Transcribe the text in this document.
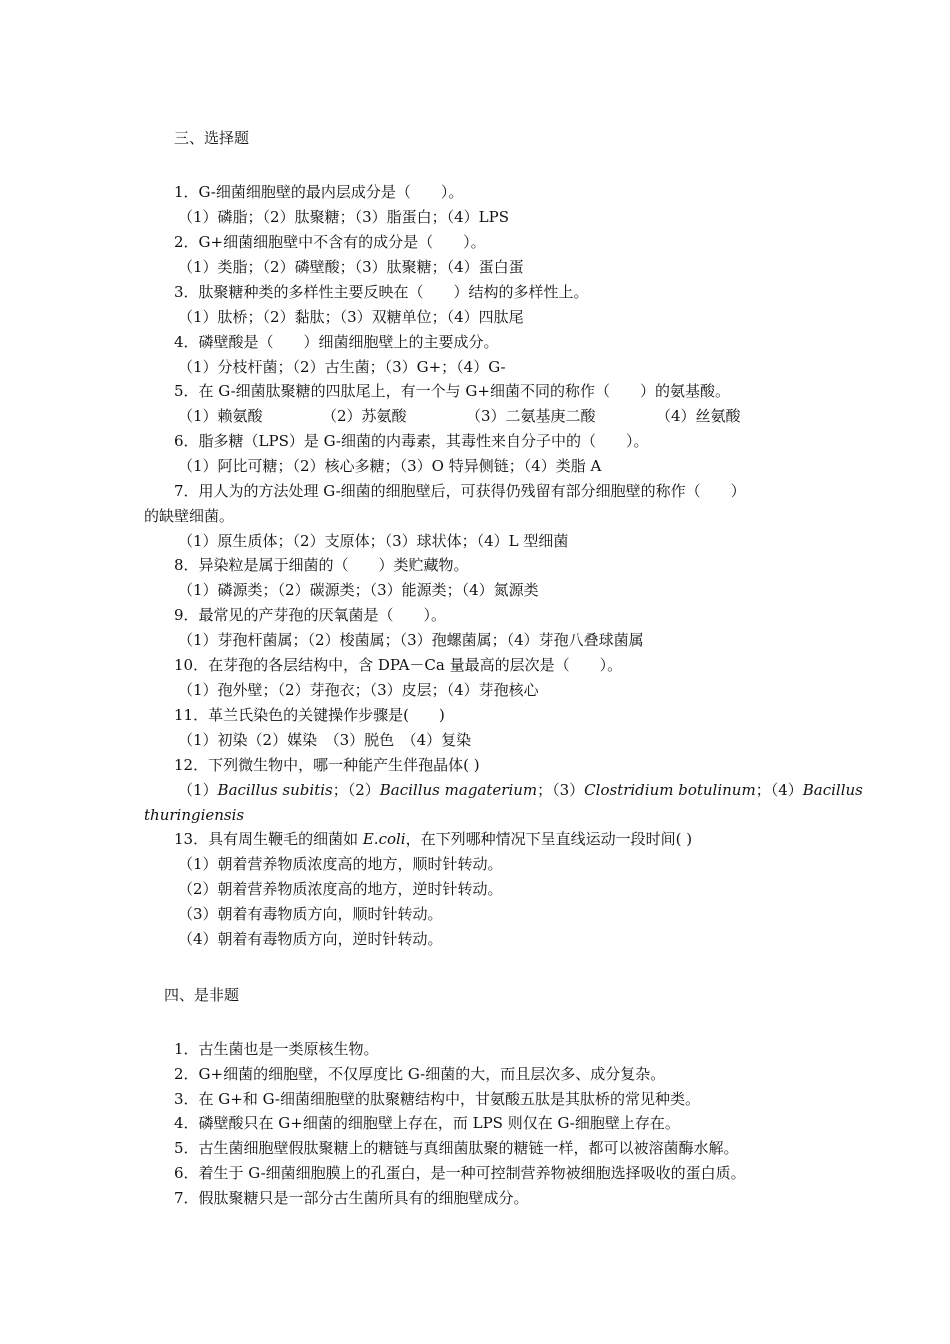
三、选择题
1．G-细菌细胞壁的最内层成分是（　　）。
（1）磷脂；（2）肽聚糖；（3）脂蛋白；（4）LPS
2．G+细菌细胞壁中不含有的成分是（　　）。
（1）类脂；（2）磷壁酸；（3）肽聚糖；（4）蛋白蛋
3．肽聚糖种类的多样性主要反映在（　　）结构的多样性上。
（1）肽桥；（2）黏肽；（3）双糖单位；（4）四肽尾
4．磷壁酸是（　　）细菌细胞壁上的主要成分。
（1）分枝杆菌；（2）古生菌；（3）G+；（4）G-
5．在 G-细菌肽聚糖的四肽尾上，有一个与 G+细菌不同的称作（　　）的氨基酸。
（1）赖氨酸	（2）苏氨酸	（3）二氨基庚二酸	（4）丝氨酸
6．脂多糖（LPS）是 G-细菌的内毒素，其毒性来自分子中的（　　）。
（1）阿比可糖；（2）核心多糖；（3）O 特异侧链；（4）类脂 A
7．用人为的方法处理 G-细菌的细胞壁后，可获得仍残留有部分细胞壁的称作（　　）
的缺壁细菌。
（1）原生质体；（2）支原体；（3）球状体；（4）L 型细菌
8．异染粒是属于细菌的（　　）类贮藏物。
（1）磷源类；（2）碳源类；（3）能源类；（4）氮源类
9．最常见的产芽孢的厌氧菌是（　　）。
（1）芽孢杆菌属；（2）梭菌属；（3）孢螺菌属；（4）芽孢八叠球菌属
10．在芽孢的各层结构中，含 DPA－Ca 量最高的层次是（　　）。
（1）孢外壁；（2）芽孢衣；（3）皮层；（4）芽孢核心
11．革兰氏染色的关键操作步骤是(　　)
（1）初染（2）媒染　（3）脱色　（4）复染
12．下列微生物中，哪一种能产生伴孢晶体( )
（1）Bacillus subitis；（2）Bacillus magaterium；（3）Clostridium botulinum；（4）Bacillus
thuringiensis
13．具有周生鞭毛的细菌如 E.coli，在下列哪种情况下呈直线运动一段时间( )
（1）朝着营养物质浓度高的地方，顺时针转动。
（2）朝着营养物质浓度高的地方，逆时针转动。
（3）朝着有毒物质方向，顺时针转动。
（4）朝着有毒物质方向，逆时针转动。
四、是非题
1．古生菌也是一类原核生物。
2．G+细菌的细胞壁，不仅厚度比 G-细菌的大，而且层次多、成分复杂。
3．在 G+和 G-细菌细胞壁的肽聚糖结构中，甘氨酸五肽是其肽桥的常见种类。
4．磷壁酸只在 G+细菌的细胞壁上存在，而 LPS 则仅在 G-细胞壁上存在。
5．古生菌细胞壁假肽聚糖上的糖链与真细菌肽聚的糖链一样，都可以被溶菌酶水解。
6．着生于 G-细菌细胞膜上的孔蛋白，是一种可控制营养物被细胞选择吸收的蛋白质。
7．假肽聚糖只是一部分古生菌所具有的细胞壁成分。
